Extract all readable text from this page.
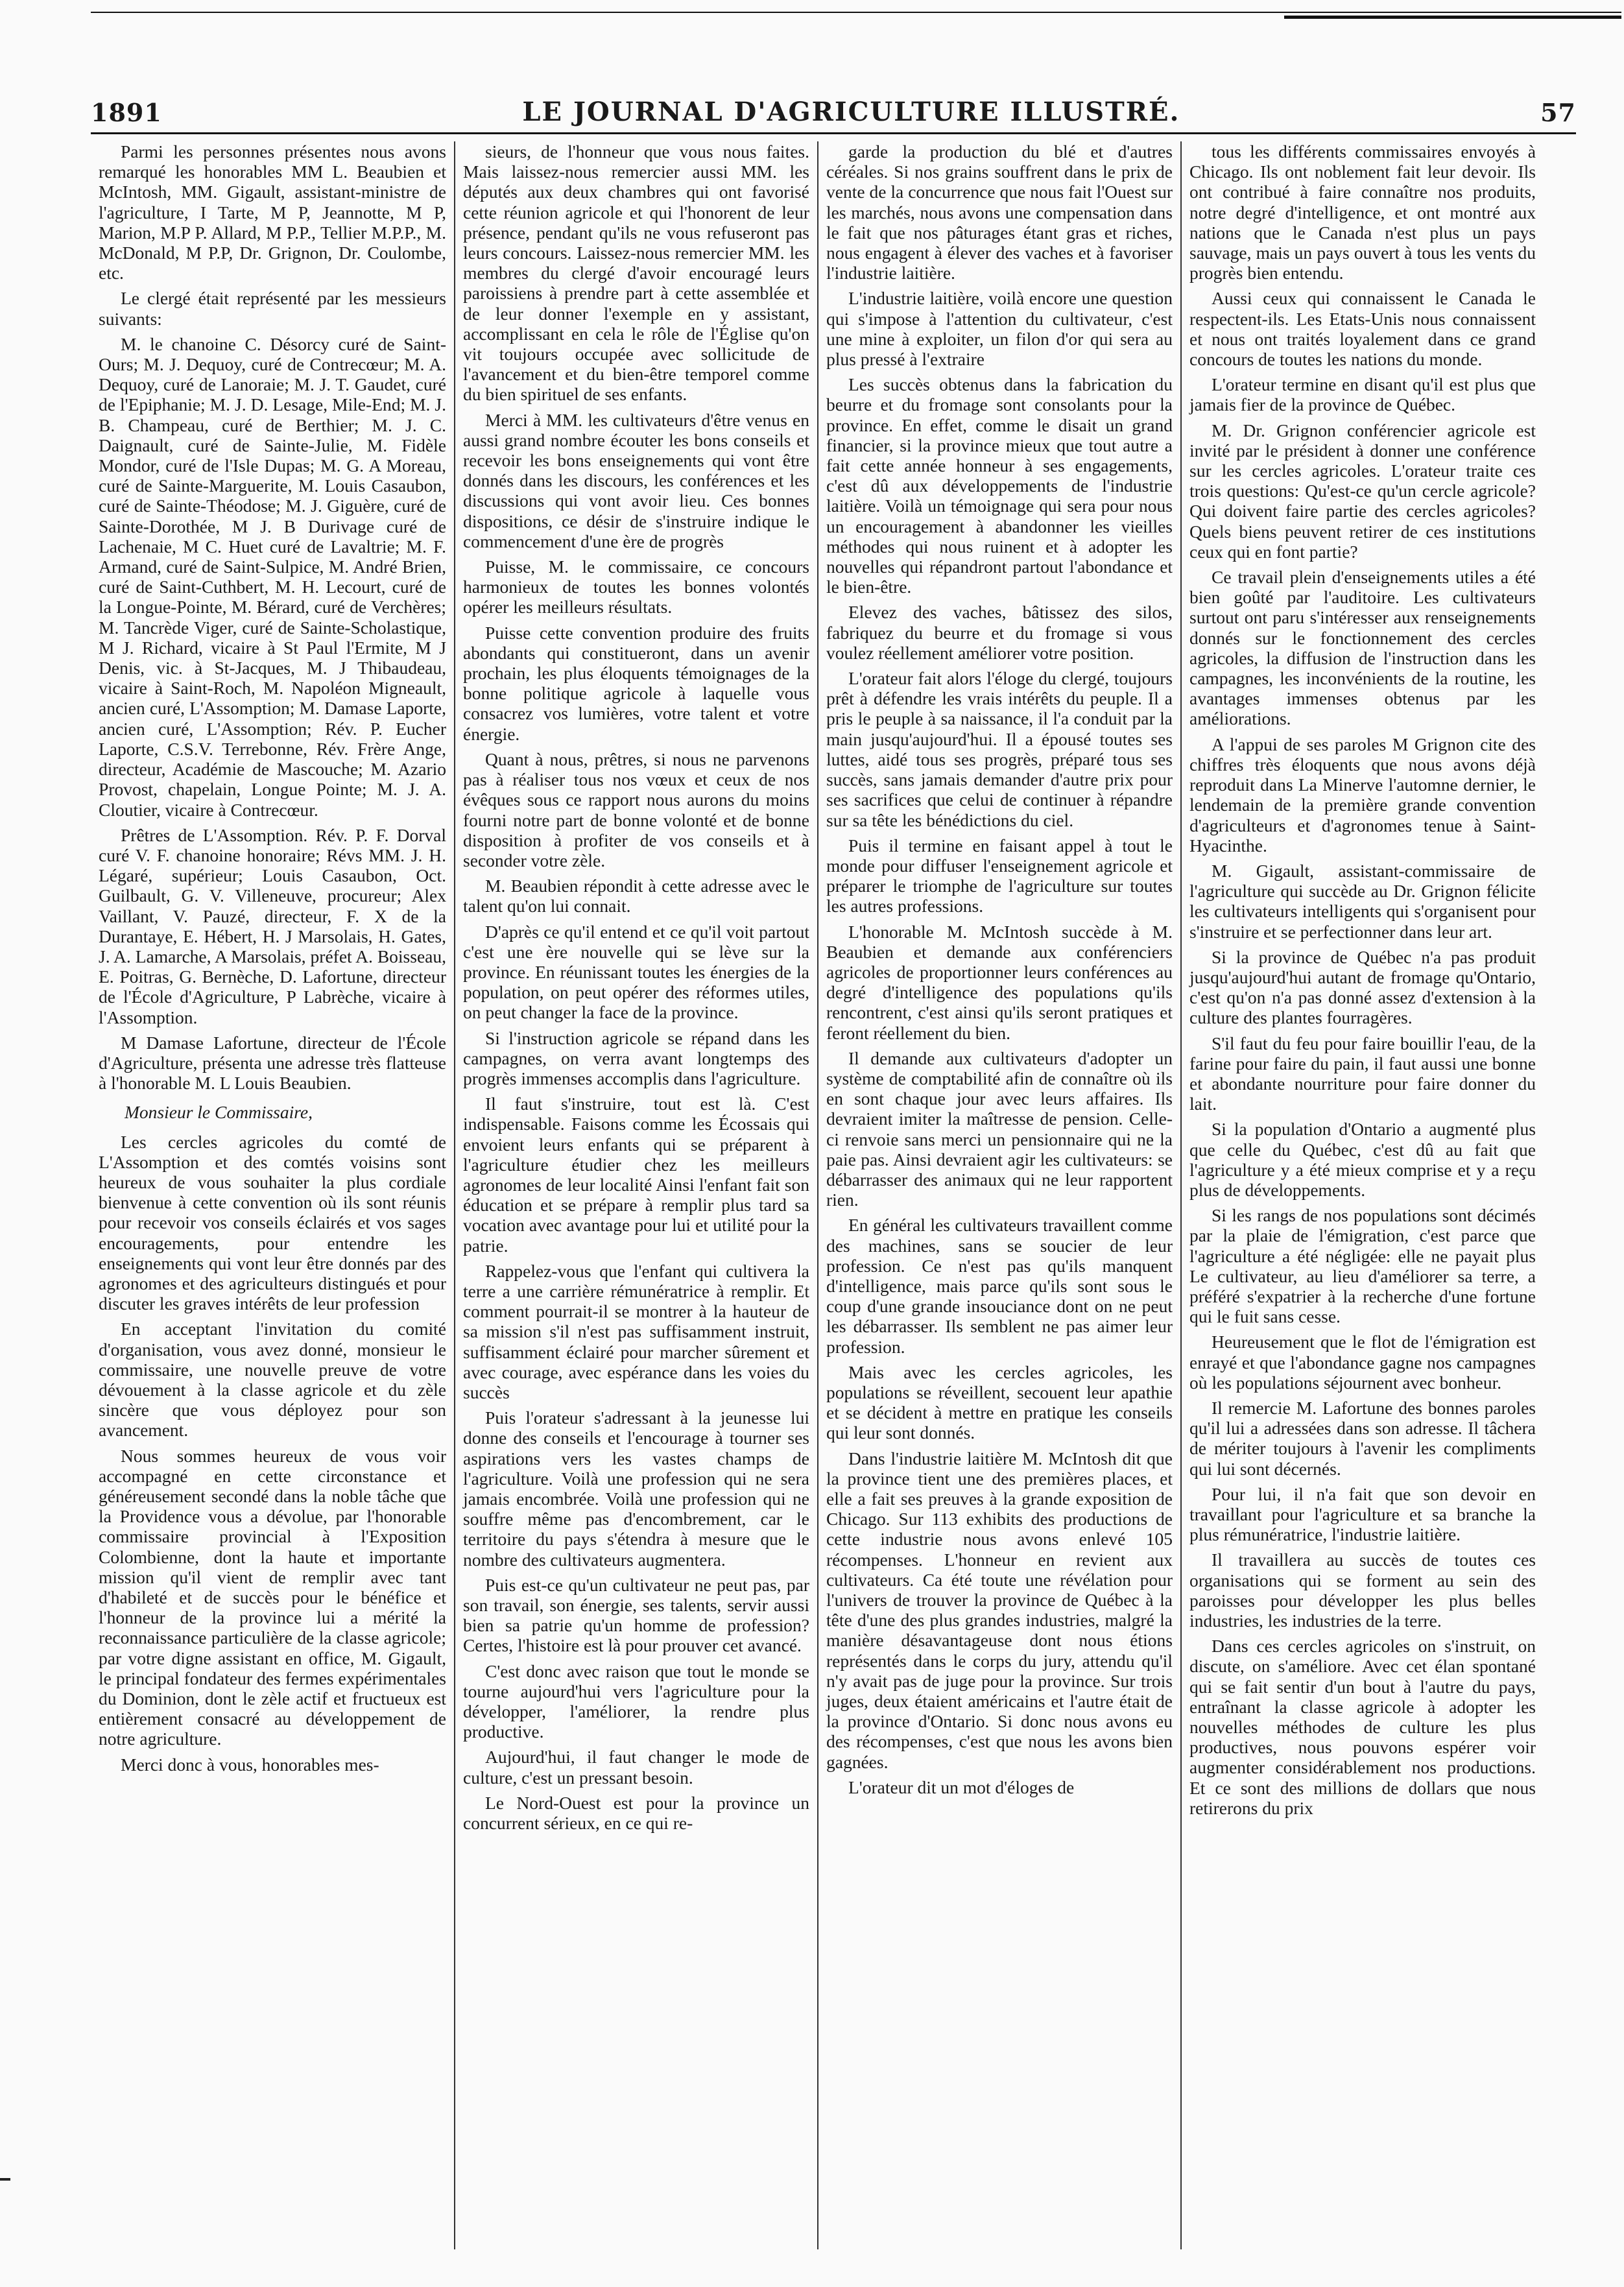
1891	LE JOURNAL D'AGRICULTURE ILLUSTRÉ.	57

Parmi les personnes présentes nous avons remarqué les honorables MM L. Beaubien et McIntosh, MM. Gigault, assistant-ministre de l'agriculture, I Tarte, M P, Jeannotte, M P, Marion, M.P P. Allard, M P.P., Tellier M.P.P., M. McDonald, M P.P, Dr. Grignon, Dr. Coulombe, etc.

Le clergé était représenté par les messieurs suivants:

M. le chanoine C. Désorcy curé de Saint-Ours; M. J. Dequoy, curé de Contrecœur; M. A. Dequoy, curé de Lanoraie; M. J. T. Gaudet, curé de l'Epiphanie; M. J. D. Lesage, Mile-End; M. J. B. Champeau, curé de Berthier; M. J. C. Daignault, curé de Sainte-Julie, M. Fidèle Mondor, curé de l'Isle Dupas; M. G. A Moreau, curé de Sainte-Marguerite, M. Louis Casaubon, curé de Sainte-Théodose; M. J. Giguère, curé de Sainte-Dorothée, M J. B Durivage curé de Lachenaie, M C. Huet curé de Lavaltrie; M. F. Armand, curé de Saint-Sulpice, M. André Brien, curé de Saint-Cuthbert, M. H. Lecourt, curé de la Longue-Pointe, M. Bérard, curé de Verchères; M. Tancrède Viger, curé de Sainte-Scholastique, M J. Richard, vicaire à St Paul l'Ermite, M J Denis, vic. à St-Jacques, M. J Thibaudeau, vicaire à Saint-Roch, M. Napoléon Migneault, ancien curé, L'Assomption; M. Damase Laporte, ancien curé, L'Assomption; Rév. P. Eucher Laporte, C.S.V. Terrebonne, Rév. Frère Ange, directeur, Académie de Mascouche; M. Azario Provost, chapelain, Longue Pointe; M. J. A. Cloutier, vicaire à Contrecœur.

Prêtres de L'Assomption. Rév. P. F. Dorval curé V. F. chanoine honoraire; Révs MM. J. H. Légaré, supérieur; Louis Casaubon, Oct. Guilbault, G. V. Villeneuve, procureur; Alex Vaillant, V. Pauzé, directeur, F. X de la Durantaye, E. Hébert, H. J Marsolais, H. Gates, J. A. Lamarche, A Marsolais, préfet A. Boisseau, E. Poitras, G. Bernèche, D. Lafortune, directeur de l'École d'Agriculture, P Labrèche, vicaire à l'Assomption.

M Damase Lafortune, directeur de l'École d'Agriculture, présenta une adresse très flatteuse à l'honorable M. L Louis Beaubien.

Monsieur le Commissaire,

Les cercles agricoles du comté de L'Assomption et des comtés voisins sont heureux de vous souhaiter la plus cordiale bienvenue à cette convention où ils sont réunis pour recevoir vos conseils éclairés et vos sages encouragements, pour entendre les enseignements qui vont leur être donnés par des agronomes et des agriculteurs distingués et pour discuter les graves intérêts de leur profession

En acceptant l'invitation du comité d'organisation, vous avez donné, monsieur le commissaire, une nouvelle preuve de votre dévouement à la classe agricole et du zèle sincère que vous déployez pour son avancement.

Nous sommes heureux de vous voir accompagné en cette circonstance et généreusement secondé dans la noble tâche que la Providence vous a dévolue, par l'honorable commissaire provincial à l'Exposition Colombienne, dont la haute et importante mission qu'il vient de remplir avec tant d'habileté et de succès pour le bénéfice et l'honneur de la province lui a mérité la reconnaissance particulière de la classe agricole; par votre digne assistant en office, M. Gigault, le principal fondateur des fermes expérimentales du Dominion, dont le zèle actif et fructueux est entièrement consacré au développement de notre agriculture.

Merci donc à vous, honorables mes-

sieurs, de l'honneur que vous nous faites. Mais laissez-nous remercier aussi MM. les députés aux deux chambres qui ont favorisé cette réunion agricole et qui l'honorent de leur présence, pendant qu'ils ne vous refuseront pas leurs concours. Laissez-nous remercier MM. les membres du clergé d'avoir encouragé leurs paroissiens à prendre part à cette assemblée et de leur donner l'exemple en y assistant, accomplissant en cela le rôle de l'Église qu'on vit toujours occupée avec sollicitude de l'avancement et du bien-être temporel comme du bien spirituel de ses enfants.

Merci à MM. les cultivateurs d'être venus en aussi grand nombre écouter les bons conseils et recevoir les bons enseignements qui vont être donnés dans les discours, les conférences et les discussions qui vont avoir lieu. Ces bonnes dispositions, ce désir de s'instruire indique le commencement d'une ère de progrès

Puisse, M. le commissaire, ce concours harmonieux de toutes les bonnes volontés opérer les meilleurs résultats.

Puisse cette convention produire des fruits abondants qui constitueront, dans un avenir prochain, les plus éloquents témoignages de la bonne politique agricole à laquelle vous consacrez vos lumières, votre talent et votre énergie.

Quant à nous, prêtres, si nous ne parvenons pas à réaliser tous nos vœux et ceux de nos évêques sous ce rapport nous aurons du moins fourni notre part de bonne volonté et de bonne disposition à profiter de vos conseils et à seconder votre zèle.

M. Beaubien répondit à cette adresse avec le talent qu'on lui connait.

D'après ce qu'il entend et ce qu'il voit partout c'est une ère nouvelle qui se lève sur la province. En réunissant toutes les énergies de la population, on peut opérer des réformes utiles, on peut changer la face de la province.

Si l'instruction agricole se répand dans les campagnes, on verra avant longtemps des progrès immenses accomplis dans l'agriculture.

Il faut s'instruire, tout est là. C'est indispensable. Faisons comme les Écossais qui envoient leurs enfants qui se préparent à l'agriculture étudier chez les meilleurs agronomes de leur localité Ainsi l'enfant fait son éducation et se prépare à remplir plus tard sa vocation avec avantage pour lui et utilité pour la patrie.

Rappelez-vous que l'enfant qui cultivera la terre a une carrière rémunératrice à remplir. Et comment pourrait-il se montrer à la hauteur de sa mission s'il n'est pas suffisamment instruit, suffisamment éclairé pour marcher sûrement et avec courage, avec espérance dans les voies du succès

Puis l'orateur s'adressant à la jeunesse lui donne des conseils et l'encourage à tourner ses aspirations vers les vastes champs de l'agriculture. Voilà une profession qui ne sera jamais encombrée. Voilà une profession qui ne souffre même pas d'encombrement, car le territoire du pays s'étendra à mesure que le nombre des cultivateurs augmentera.

Puis est-ce qu'un cultivateur ne peut pas, par son travail, son énergie, ses talents, servir aussi bien sa patrie qu'un homme de profession? Certes, l'histoire est là pour prouver cet avancé.

C'est donc avec raison que tout le monde se tourne aujourd'hui vers l'agriculture pour la développer, l'améliorer, la rendre plus productive.

Aujourd'hui, il faut changer le mode de culture, c'est un pressant besoin.

Le Nord-Ouest est pour la province un concurrent sérieux, en ce qui re-

garde la production du blé et d'autres céréales. Si nos grains souffrent dans le prix de vente de la concurrence que nous fait l'Ouest sur les marchés, nous avons une compensation dans le fait que nos pâturages étant gras et riches, nous engagent à élever des vaches et à favoriser l'industrie laitière.

L'industrie laitière, voilà encore une question qui s'impose à l'attention du cultivateur, c'est une mine à exploiter, un filon d'or qui sera au plus pressé à l'extraire

Les succès obtenus dans la fabrication du beurre et du fromage sont consolants pour la province. En effet, comme le disait un grand financier, si la province mieux que tout autre a fait cette année honneur à ses engagements, c'est dû aux développements de l'industrie laitière. Voilà un témoignage qui sera pour nous un encouragement à abandonner les vieilles méthodes qui nous ruinent et à adopter les nouvelles qui répandront partout l'abondance et le bien-être.

Elevez des vaches, bâtissez des silos, fabriquez du beurre et du fromage si vous voulez réellement améliorer votre position.

L'orateur fait alors l'éloge du clergé, toujours prêt à défendre les vrais intérêts du peuple. Il a pris le peuple à sa naissance, il l'a conduit par la main jusqu'aujourd'hui. Il a épousé toutes ses luttes, aidé tous ses progrès, préparé tous ses succès, sans jamais demander d'autre prix pour ses sacrifices que celui de continuer à répandre sur sa tête les bénédictions du ciel.

Puis il termine en faisant appel à tout le monde pour diffuser l'enseignement agricole et préparer le triomphe de l'agriculture sur toutes les autres professions.

L'honorable M. McIntosh succède à M. Beaubien et demande aux conférenciers agricoles de proportionner leurs conférences au degré d'intelligence des populations qu'ils rencontrent, c'est ainsi qu'ils seront pratiques et feront réellement du bien.

Il demande aux cultivateurs d'adopter un système de comptabilité afin de connaître où ils en sont chaque jour avec leurs affaires. Ils devraient imiter la maîtresse de pension. Celle-ci renvoie sans merci un pensionnaire qui ne la paie pas. Ainsi devraient agir les cultivateurs: se débarrasser des animaux qui ne leur rapportent rien.

En général les cultivateurs travaillent comme des machines, sans se soucier de leur profession. Ce n'est pas qu'ils manquent d'intelligence, mais parce qu'ils sont sous le coup d'une grande insouciance dont on ne peut les débarrasser. Ils semblent ne pas aimer leur profession.

Mais avec les cercles agricoles, les populations se réveillent, secouent leur apathie et se décident à mettre en pratique les conseils qui leur sont donnés.

Dans l'industrie laitière M. McIntosh dit que la province tient une des premières places, et elle a fait ses preuves à la grande exposition de Chicago. Sur 113 exhibits des productions de cette industrie nous avons enlevé 105 récompenses. L'honneur en revient aux cultivateurs. Ca été toute une révélation pour l'univers de trouver la province de Québec à la tête d'une des plus grandes industries, malgré la manière désavantageuse dont nous étions représentés dans le corps du jury, attendu qu'il n'y avait pas de juge pour la province. Sur trois juges, deux étaient américains et l'autre était de la province d'Ontario. Si donc nous avons eu des récompenses, c'est que nous les avons bien gagnées.

L'orateur dit un mot d'éloges de

tous les différents commissaires envoyés à Chicago. Ils ont noblement fait leur devoir. Ils ont contribué à faire connaître nos produits, notre degré d'intelligence, et ont montré aux nations que le Canada n'est plus un pays sauvage, mais un pays ouvert à tous les vents du progrès bien entendu.

Aussi ceux qui connaissent le Canada le respectent-ils. Les Etats-Unis nous connaissent et nous ont traités loyalement dans ce grand concours de toutes les nations du monde.

L'orateur termine en disant qu'il est plus que jamais fier de la province de Québec.

M. Dr. Grignon conférencier agricole est invité par le président à donner une conférence sur les cercles agricoles. L'orateur traite ces trois questions: Qu'est-ce qu'un cercle agricole? Qui doivent faire partie des cercles agricoles? Quels biens peuvent retirer de ces institutions ceux qui en font partie?

Ce travail plein d'enseignements utiles a été bien goûté par l'auditoire. Les cultivateurs surtout ont paru s'intéresser aux renseignements donnés sur le fonctionnement des cercles agricoles, la diffusion de l'instruction dans les campagnes, les inconvénients de la routine, les avantages immenses obtenus par les améliorations.

A l'appui de ses paroles M Grignon cite des chiffres très éloquents que nous avons déjà reproduit dans La Minerve l'automne dernier, le lendemain de la première grande convention d'agriculteurs et d'agronomes tenue à Saint-Hyacinthe.

M. Gigault, assistant-commissaire de l'agriculture qui succède au Dr. Grignon félicite les cultivateurs intelligents qui s'organisent pour s'instruire et se perfectionner dans leur art.

Si la province de Québec n'a pas produit jusqu'aujourd'hui autant de fromage qu'Ontario, c'est qu'on n'a pas donné assez d'extension à la culture des plantes fourragères.

S'il faut du feu pour faire bouillir l'eau, de la farine pour faire du pain, il faut aussi une bonne et abondante nourriture pour faire donner du lait.

Si la population d'Ontario a augmenté plus que celle du Québec, c'est dû au fait que l'agriculture y a été mieux comprise et y a reçu plus de développements.

Si les rangs de nos populations sont décimés par la plaie de l'émigration, c'est parce que l'agriculture a été négligée: elle ne payait plus Le cultivateur, au lieu d'améliorer sa terre, a préféré s'expatrier à la recherche d'une fortune qui le fuit sans cesse.

Heureusement que le flot de l'émigration est enrayé et que l'abondance gagne nos campagnes où les populations séjournent avec bonheur.

Il remercie M. Lafortune des bonnes paroles qu'il lui a adressées dans son adresse. Il tâchera de mériter toujours à l'avenir les compliments qui lui sont décernés.

Pour lui, il n'a fait que son devoir en travaillant pour l'agriculture et sa branche la plus rémunératrice, l'industrie laitière.

Il travaillera au succès de toutes ces organisations qui se forment au sein des paroisses pour développer les plus belles industries, les industries de la terre.

Dans ces cercles agricoles on s'instruit, on discute, on s'améliore. Avec cet élan spontané qui se fait sentir d'un bout à l'autre du pays, entraînant la classe agricole à adopter les nouvelles méthodes de culture les plus productives, nous pouvons espérer voir augmenter considérablement nos productions. Et ce sont des millions de dollars que nous retirerons du prix
